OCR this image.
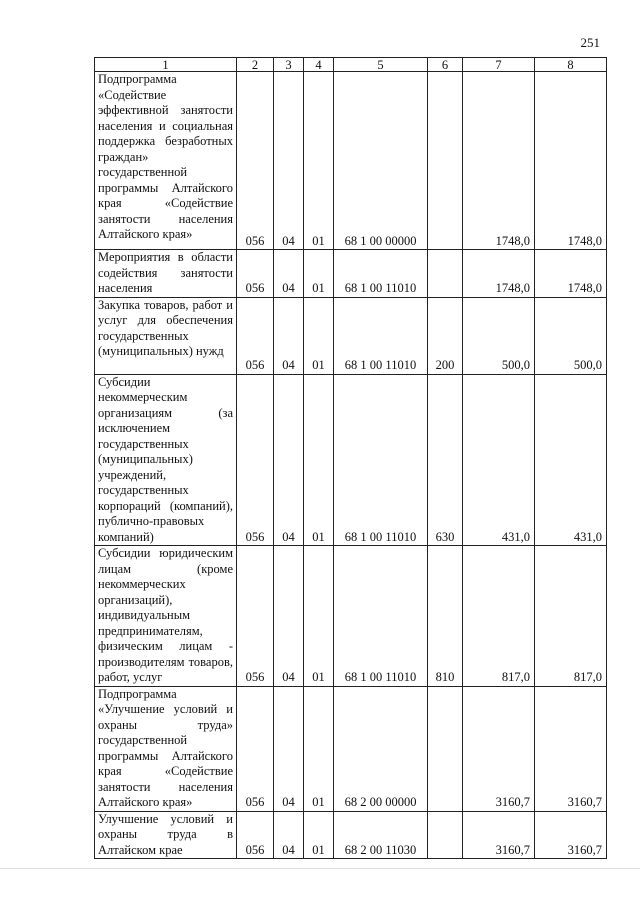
251
1	2	3	4	5	6	7	8
Подпрограмма «Содействие эффективной занятости населения и социальная поддержка безработных граждан» государственной программы Алтайского края «Содействие занятости населения Алтайского края»	056	04	01	68 1 00 00000		1748,0	1748,0
Мероприятия в области содействия занятости населения	056	04	01	68 1 00 11010		1748,0	1748,0
Закупка товаров, работ и услуг для обеспечения государственных (муниципальных) нужд	056	04	01	68 1 00 11010	200	500,0	500,0
Субсидии некоммерческим организациям (за исключением государственных (муниципальных) учреждений, государственных корпораций (компаний), публично-правовых компаний)	056	04	01	68 1 00 11010	630	431,0	431,0
Субсидии юридическим лицам (кроме некоммерческих организаций), индивидуальным предпринимателям, физическим лицам - производителям товаров, работ, услуг	056	04	01	68 1 00 11010	810	817,0	817,0
Подпрограмма «Улучшение условий и охраны труда» государственной программы Алтайского края «Содействие занятости населения Алтайского края»	056	04	01	68 2 00 00000		3160,7	3160,7
Улучшение условий и охраны труда в Алтайском крае	056	04	01	68 2 00 11030		3160,7	3160,7
